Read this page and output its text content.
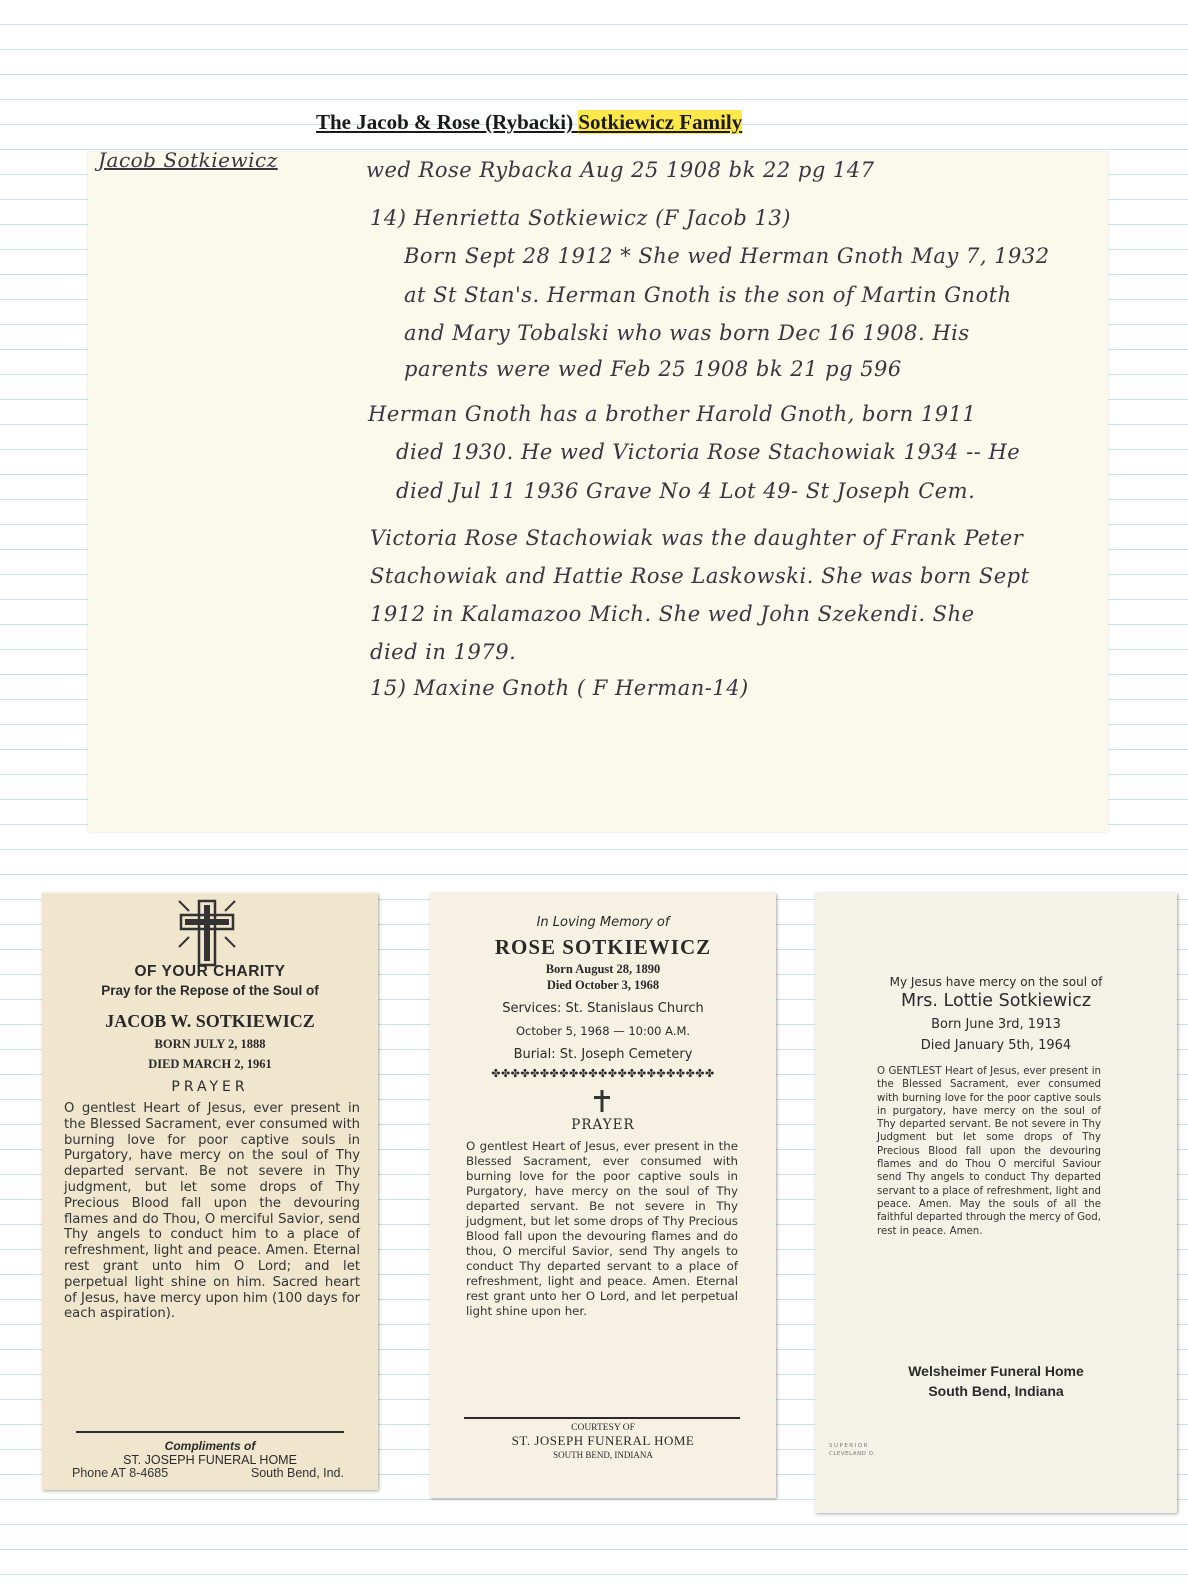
The Jacob & Rose (Rybacki) Sotkiewicz Family

Jacob Sotkiewicz	wed Rose Rybacka Aug 25 1908 bk 22 pg 147

14) Henrietta Sotkiewicz (F Jacob 13)

Born Sept 28 1912 * She wed Herman Gnoth May 7, 1932

at St Stan's. Herman Gnoth is the son of Martin Gnoth

and Mary Tobalski who was born Dec 16 1908. His

parents were wed Feb 25 1908 bk 21 pg 596

Herman Gnoth has a brother Harold Gnoth, born 1911

died 1930. He wed Victoria Rose Stachowiak 1934 -- He

died Jul 11 1936 Grave No 4 Lot 49- St Joseph Cem.

Victoria Rose Stachowiak was the daughter of Frank Peter

Stachowiak and Hattie Rose Laskowski. She was born Sept

1912 in Kalamazoo Mich. She wed John Szekendi. She

died in 1979.

15) Maxine Gnoth ( F Herman-14)

OF YOUR CHARITY

Pray for the Repose of the Soul of

JACOB W. SOTKIEWICZ

BORN JULY 2, 1888

DIED MARCH 2, 1961

PRAYER

O gentlest Heart of Jesus, ever present in the Blessed Sacrament, ever consumed with burning love for poor captive souls in Purgatory, have mercy on the soul of Thy departed servant. Be not severe in Thy judgment, but let some drops of Thy Precious Blood fall upon the devouring flames and do Thou, O merciful Savior, send Thy angels to conduct him to a place of refreshment, light and peace. Amen. Eternal rest grant unto him O Lord; and let perpetual light shine on him. Sacred heart of Jesus, have mercy upon him (100 days for each aspiration).

Compliments of

ST. JOSEPH FUNERAL HOME

Phone AT 8-4685	South Bend, Ind.

In Loving Memory of

ROSE SOTKIEWICZ

Born August 28, 1890

Died October 3, 1968

Services: St. Stanislaus Church

October 5, 1968 — 10:00 A.M.

Burial: St. Joseph Cemetery

✤✤✤✤✤✤✤✤✤✤✤✤✤✤✤✤✤✤✤✤✤✤✤

PRAYER

O gentlest Heart of Jesus, ever present in the Blessed Sacrament, ever consumed with burning love for the poor captive souls in Purgatory, have mercy on the soul of Thy departed servant. Be not severe in Thy judgment, but let some drops of Thy Precious Blood fall upon the devouring flames and do thou, O merciful Savior, send Thy angels to conduct Thy departed servant to a place of refreshment, light and peace. Amen. Eternal rest grant unto her O Lord, and let perpetual light shine upon her.

COURTESY OF

ST. JOSEPH FUNERAL HOME

SOUTH BEND, INDIANA

My Jesus have mercy on the soul of

Mrs. Lottie Sotkiewicz

Born June 3rd, 1913

Died January 5th, 1964

O GENTLEST Heart of Jesus, ever present in the Blessed Sacrament, ever consumed with burning love for the poor captive souls in purgatory, have mercy on the soul of Thy departed servant. Be not severe in Thy Judgment but let some drops of Thy Precious Blood fall upon the devouring flames and do Thou O merciful Saviour send Thy angels to conduct Thy departed servant to a place of refreshment, light and peace. Amen. May the souls of all the faithful departed through the mercy of God, rest in peace. Amen.

Welsheimer Funeral Home

South Bend, Indiana

SUPERIOR

CLEVELAND O.
